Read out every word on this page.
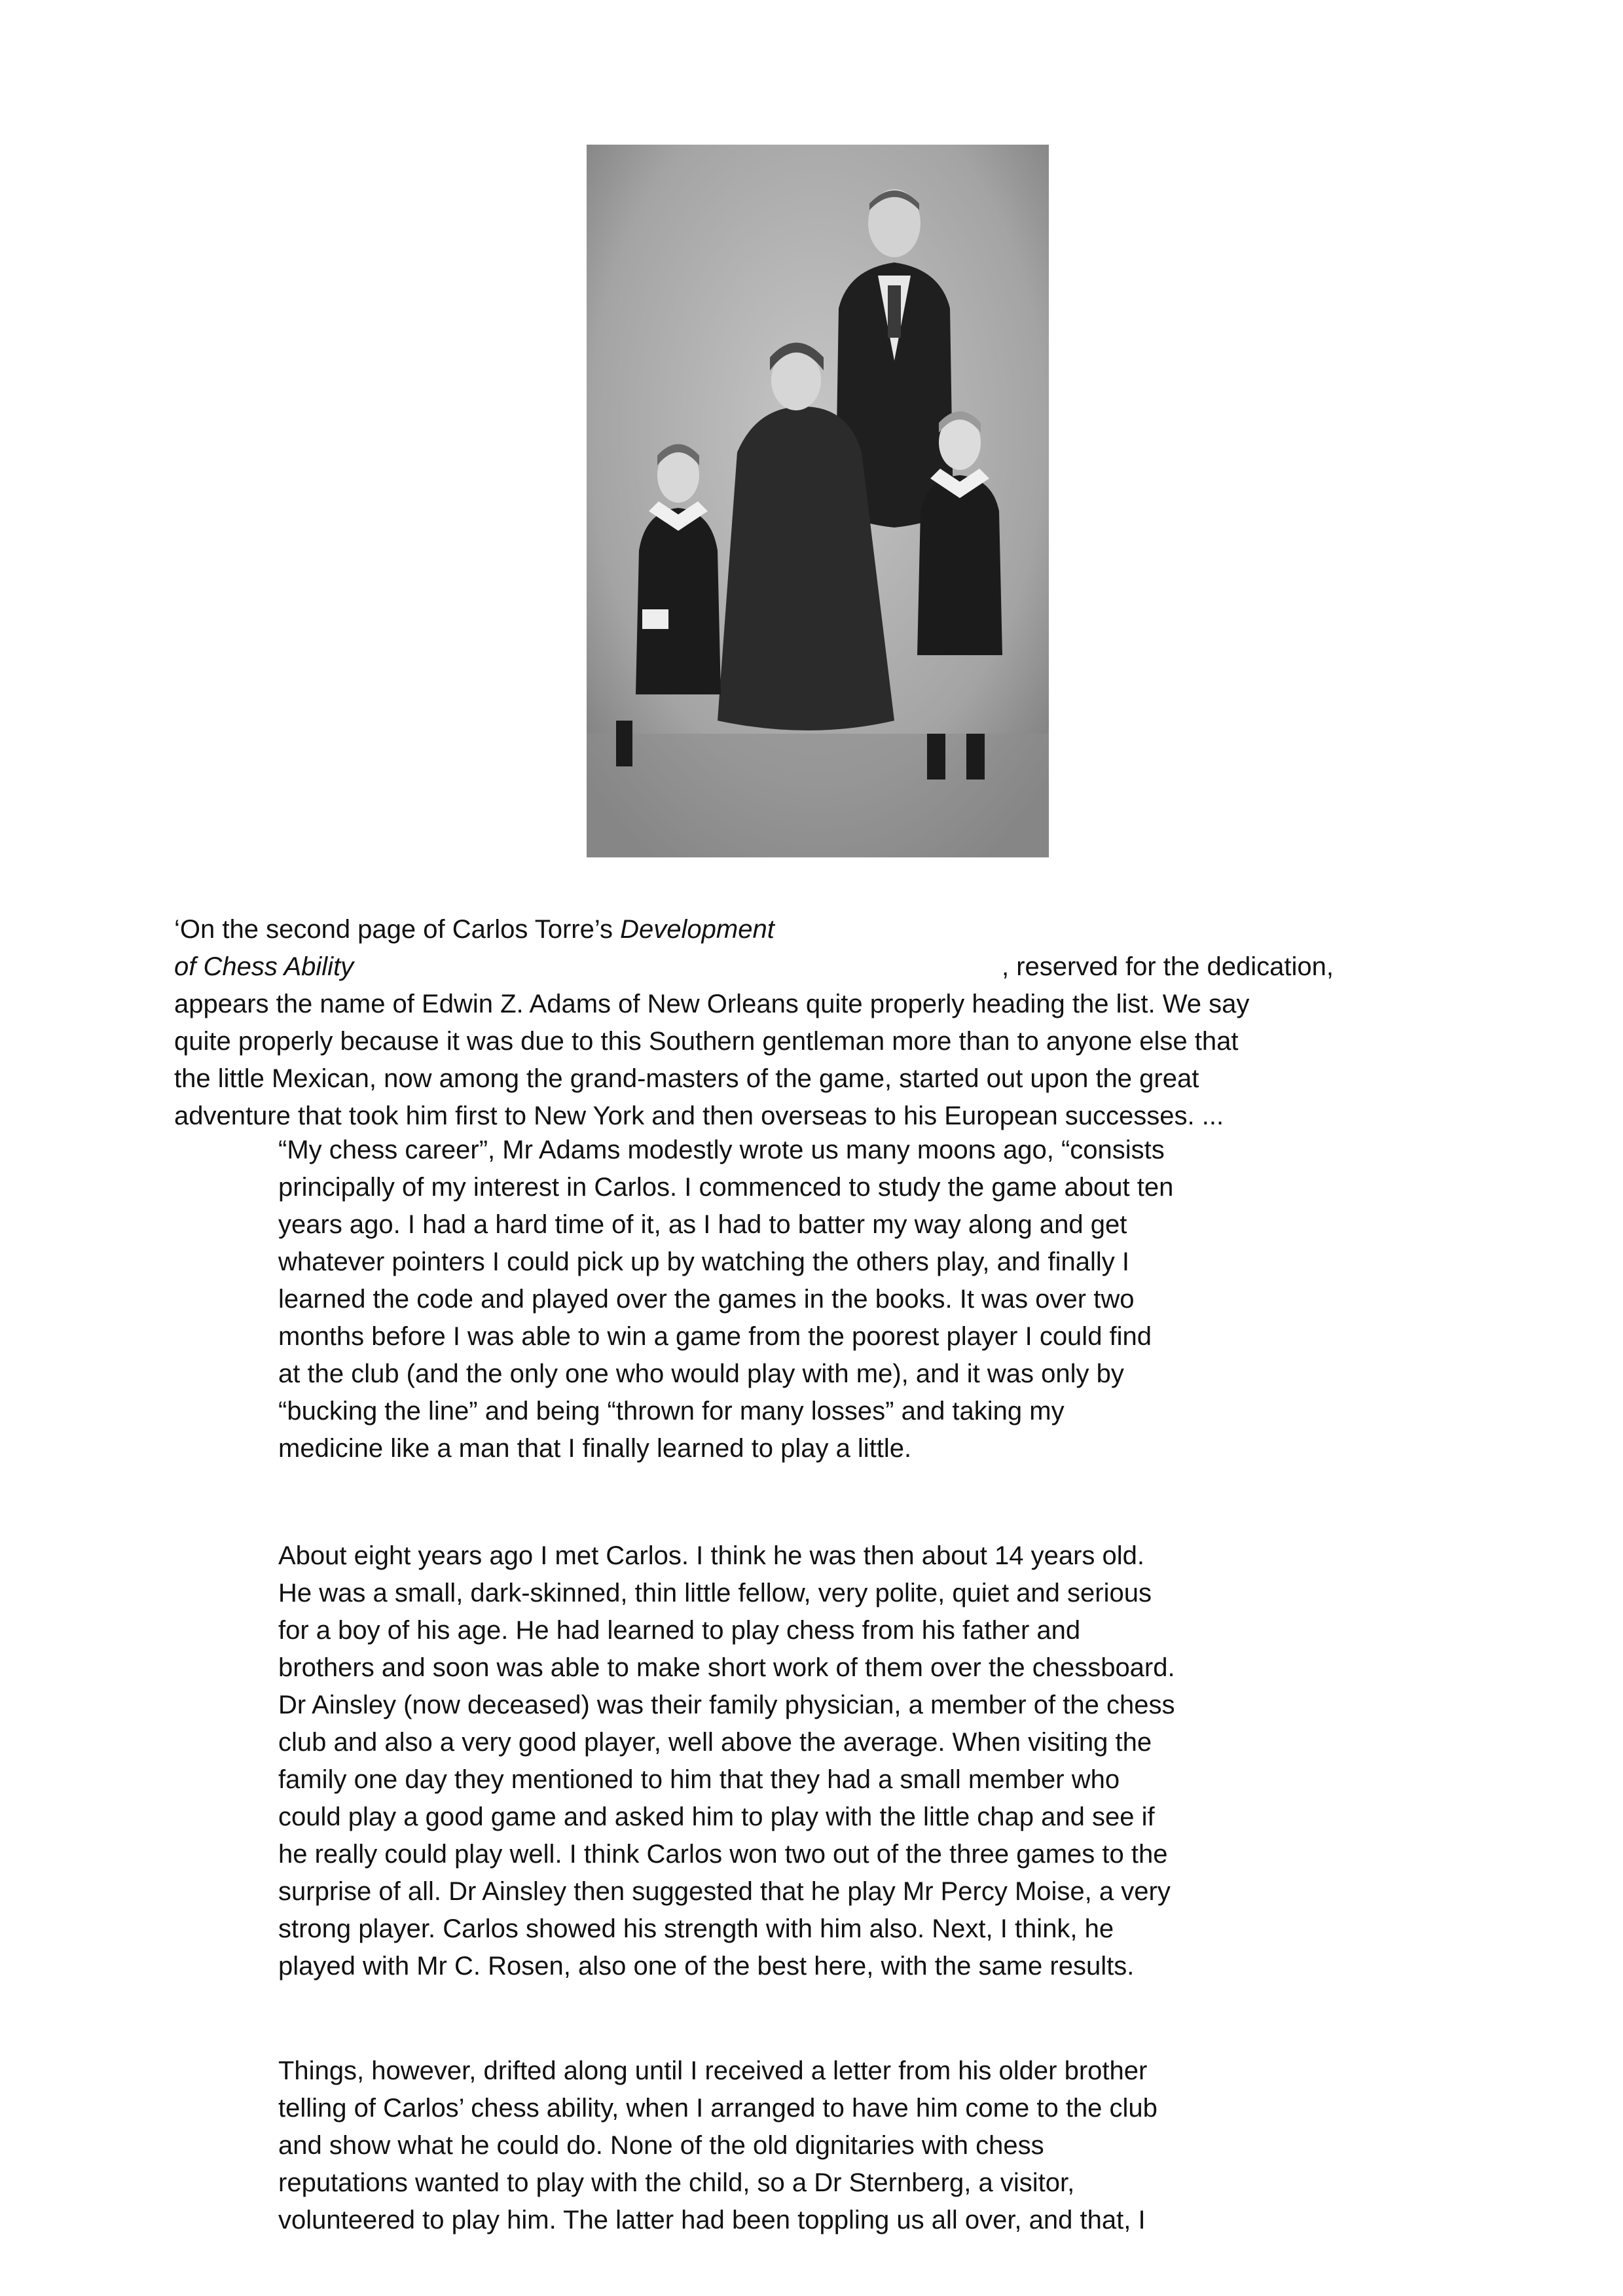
‘On the second page of Carlos Torre’s Development
of Chess Ability	, reserved for the dedication,
appears the name of Edwin Z. Adams of New Orleans quite properly heading the list. We say
quite properly because it was due to this Southern gentleman more than to anyone else that
the little Mexican, now among the grand-masters of the game, started out upon the great
adventure that took him first to New York and then overseas to his European successes. ...
“My chess career”, Mr Adams modestly wrote us many moons ago, “consists
principally of my interest in Carlos. I commenced to study the game about ten
years ago. I had a hard time of it, as I had to batter my way along and get
whatever pointers I could pick up by watching the others play, and finally I
learned the code and played over the games in the books. It was over two
months before I was able to win a game from the poorest player I could find
at the club (and the only one who would play with me), and it was only by
“bucking the line” and being “thrown for many losses” and taking my
medicine like a man that I finally learned to play a little.
About eight years ago I met Carlos. I think he was then about 14 years old.
He was a small, dark-skinned, thin little fellow, very polite, quiet and serious
for a boy of his age. He had learned to play chess from his father and
brothers and soon was able to make short work of them over the chessboard.
Dr Ainsley (now deceased) was their family physician, a member of the chess
club and also a very good player, well above the average. When visiting the
family one day they mentioned to him that they had a small member who
could play a good game and asked him to play with the little chap and see if
he really could play well. I think Carlos won two out of the three games to the
surprise of all. Dr Ainsley then suggested that he play Mr Percy Moise, a very
strong player. Carlos showed his strength with him also. Next, I think, he
played with Mr C. Rosen, also one of the best here, with the same results.
Things, however, drifted along until I received a letter from his older brother
telling of Carlos’ chess ability, when I arranged to have him come to the club
and show what he could do. None of the old dignitaries with chess
reputations wanted to play with the child, so a Dr Sternberg, a visitor,
volunteered to play him. The latter had been toppling us all over, and that, I
